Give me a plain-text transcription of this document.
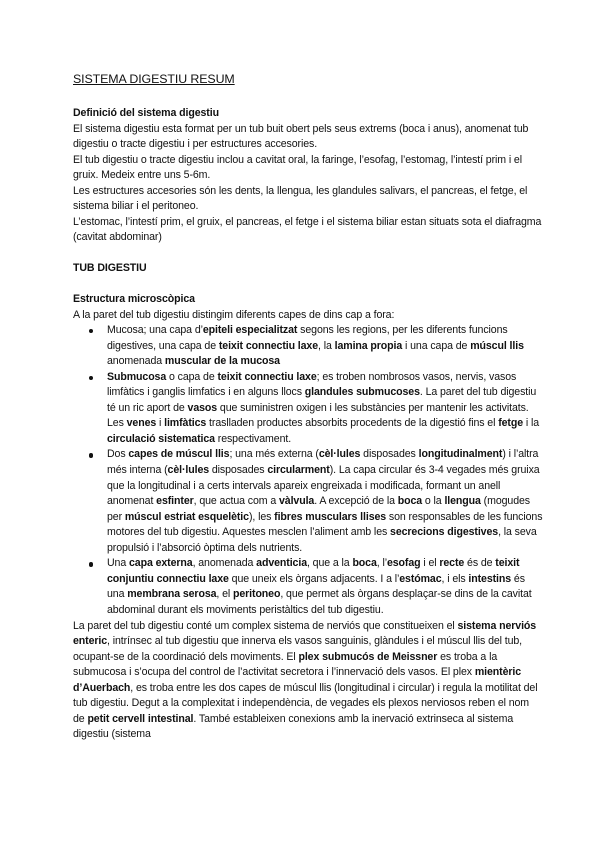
SISTEMA DIGESTIU RESUM
Definició del sistema digestiu

El sistema digestiu esta format per un tub buit obert pels seus extrems (boca i anus), anomenat tub digestiu o tracte digestiu i per estructures accesories.

El tub digestiu o tracte digestiu inclou a cavitat oral, la faringe, l’esofag, l’estomag, l’intestí prim i el gruix. Medeix entre uns 5-6m.

Les estructures accesories són les dents, la llengua, les glandules salivars, el pancreas, el fetge, el sistema biliar i el peritoneo.

L’estomac, l’intestí prim, el gruix, el pancreas, el fetge i el sistema biliar estan situats sota el diafragma (cavitat abdominar)

TUB DIGESTIU
Estructura microscòpica

A la paret del tub digestiu distingim diferents capes de dins cap a fora:

Mucosa; una capa d’epiteli especialitzat segons les regions, per les diferents funcions digestives, una capa de teixit connectiu laxe, la lamina propia i una capa de múscul llis anomenada muscular de la mucosa
Submucosa o capa de teixit connectiu laxe; es troben nombrosos vasos, nervis, vasos limfàtics i ganglis limfatics i en alguns llocs glandules submucoses. La paret del tub digestiu té un ric aport de vasos que suministren oxigen i les substàncies per mantenir les activitats. Les venes i limfàtics traslladen productes absorbits procedents de la digestió fins el fetge i la circulació sistematica respectivament.
Dos capes de múscul llis; una més externa (cèl·lules disposades longitudinalment) i l’altra més interna (cèl·lules disposades circularment). La capa circular és 3-4 vegades més gruixa que la longitudinal i a certs intervals apareix engreixada i modificada, formant un anell anomenat esfinter, que actua com a vàlvula. A excepció de la boca o la llengua (mogudes per múscul estriat esquelètic), les fibres musculars llises son responsables de les funcions motores del tub digestiu. Aquestes mesclen l’aliment amb les secrecions digestives, la seva propulsió i l’absorció òptima dels nutrients.
Una capa externa, anomenada adventicia, que a la boca, l’esofag i el recte és de teixit conjuntiu connectiu laxe que uneix els òrgans adjacents. I a l’estómac, i els intestins és una membrana serosa, el peritoneo, que permet als òrgans desplaçar-se dins de la cavitat abdominal durant els moviments peristàltics del tub digestiu.

La paret del tub digestiu conté um complex sistema de nerviós que constitueixen el sistema nerviós enteric, intrínsec al tub digestiu que innerva els vasos sanguinis, glàndules i el múscul llis del tub, ocupant-se de la coordinació dels moviments. El plex submucós de Meissner es troba a la submucosa i s’ocupa del control de l’activitat secretora i l’innervació dels vasos. El plex mientèric d’Auerbach, es troba entre les dos capes de múscul llis (longitudinal i circular) i regula la motilitat del tub digestiu. Degut a la complexitat i independència, de vegades els plexos nerviosos reben el nom de petit cervell intestinal. També estableixen conexions amb la inervació extrinseca al sistema digestiu (sistema
